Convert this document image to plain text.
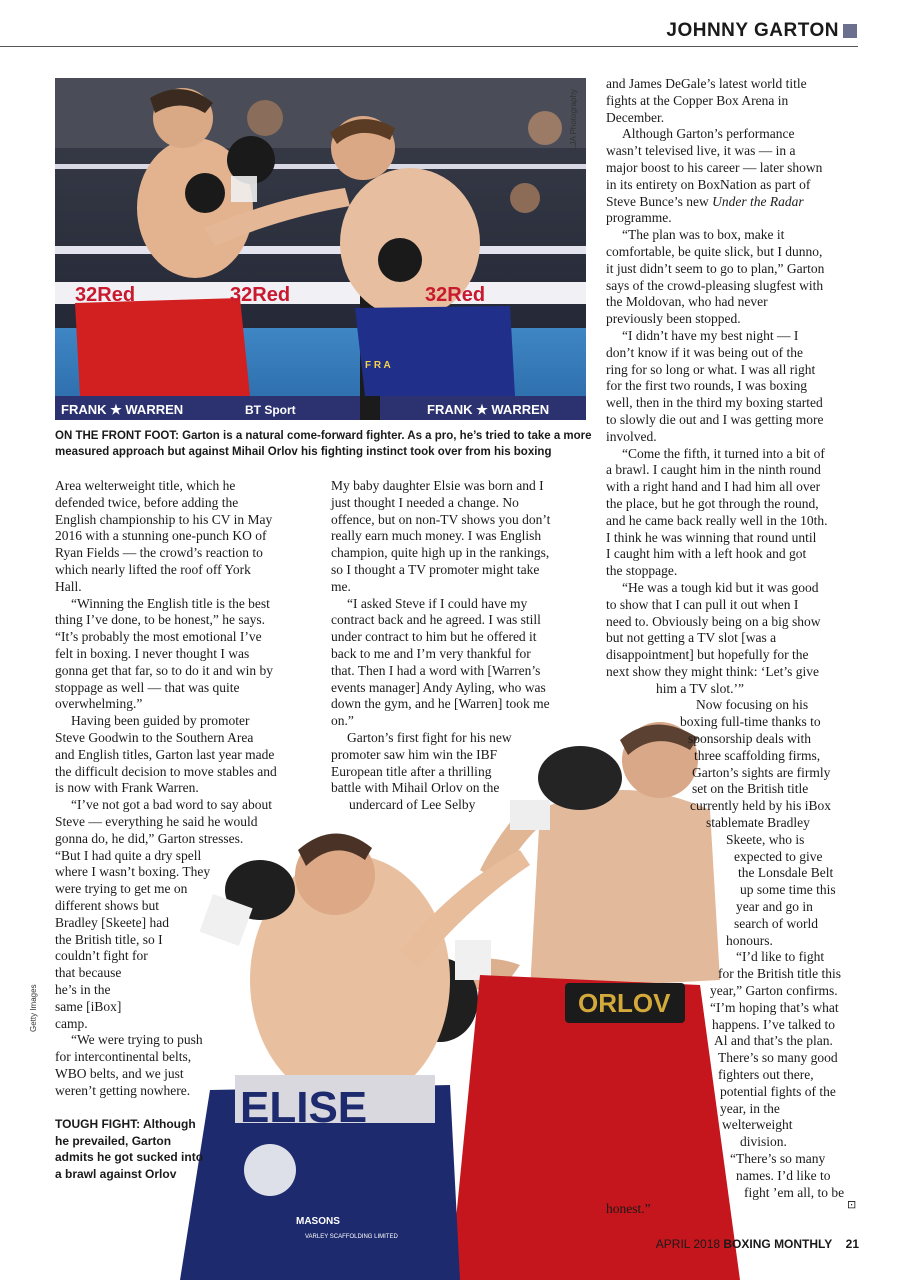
JOHNNY GARTON
32Red	32Red	32Red
FRANK ★ WARREN	BT Sport	FRANK ★ WARREN
F R A
LJA Photography
ON THE FRONT FOOT: Garton is a natural come-forward fighter. As a pro, he’s tried to take a more measured approach but against Mihail Orlov his fighting instinct took over from his boxing
ORLOV
ELISE
MASONS
VARLEY SCAFFOLDING LIMITED
Getty Images
Area welterweight title, which he
defended twice, before adding the
English championship to his CV in May
2016 with a stunning one-punch KO of
Ryan Fields — the crowd’s reaction to
which nearly lifted the roof off York
Hall.
“Winning the English title is the best
thing I’ve done, to be honest,” he says.
“It’s probably the most emotional I’ve
felt in boxing. I never thought I was
gonna get that far, so to do it and win by
stoppage as well — that was quite
overwhelming.”
Having been guided by promoter
Steve Goodwin to the Southern Area
and English titles, Garton last year made
the difficult decision to move stables and
is now with Frank Warren.
“I’ve not got a bad word to say about
Steve — everything he said he would
gonna do, he did,” Garton stresses.
“But I had quite a dry spell
where I wasn’t boxing. They
were trying to get me on
different shows but
Bradley [Skeete] had
the British title, so I
couldn’t fight for
that because
he’s in the
same [iBox]
camp.
“We were trying to push
for intercontinental belts,
WBO belts, and we just
weren’t getting nowhere.
My baby daughter Elsie was born and I
just thought I needed a change. No
offence, but on non-TV shows you don’t
really earn much money. I was English
champion, quite high up in the rankings,
so I thought a TV promoter might take
me.
“I asked Steve if I could have my
contract back and he agreed. I was still
under contract to him but he offered it
back to me and I’m very thankful for
that. Then I had a word with [Warren’s
events manager] Andy Ayling, who was
down the gym, and he [Warren] took me
on.”
Garton’s first fight for his new
promoter saw him win the IBF
European title after a thrilling
battle with Mihail Orlov on the
undercard of Lee Selby
and James DeGale’s latest world title
fights at the Copper Box Arena in
December.
Although Garton’s performance
wasn’t televised live, it was — in a
major boost to his career — later shown
in its entirety on BoxNation as part of
Steve Bunce’s new Under the Radar
programme.
“The plan was to box, make it
comfortable, be quite slick, but I dunno,
it just didn’t seem to go to plan,” Garton
says of the crowd-pleasing slugfest with
the Moldovan, who had never
previously been stopped.
“I didn’t have my best night — I
don’t know if it was being out of the
ring for so long or what. I was all right
for the first two rounds, I was boxing
well, then in the third my boxing started
to slowly die out and I was getting more
involved.
“Come the fifth, it turned into a bit of
a brawl. I caught him in the ninth round
with a right hand and I had him all over
the place, but he got through the round,
and he came back really well in the 10th.
I think he was winning that round until
I caught him with a left hook and got
the stoppage.
“He was a tough kid but it was good
to show that I can pull it out when I
need to. Obviously being on a big show
but not getting a TV slot [was a
disappointment] but hopefully for the
next show they might think: ‘Let’s give
him a TV slot.’”
Now focusing on his
boxing full-time thanks to
sponsorship deals with
three scaffolding firms,
Garton’s sights are firmly
set on the British title
currently held by his iBox
stablemate Bradley
Skeete, who is
expected to give
the Lonsdale Belt
up some time this
year and go in
search of world
honours.
“I’d like to fight
for the British title this
year,” Garton confirms.
“I’m hoping that’s what
happens. I’ve talked to
Al and that’s the plan.
There’s so many good
fighters out there,
potential fights of the
year, in the
welterweight
division.
“There’s so many
names. I’d like to
fight ’em all, to be
honest.”
TOUGH FIGHT: Although he prevailed, Garton admits he got sucked into a brawl against Orlov
⊡
APRIL 2018 BOXING MONTHLY 21
